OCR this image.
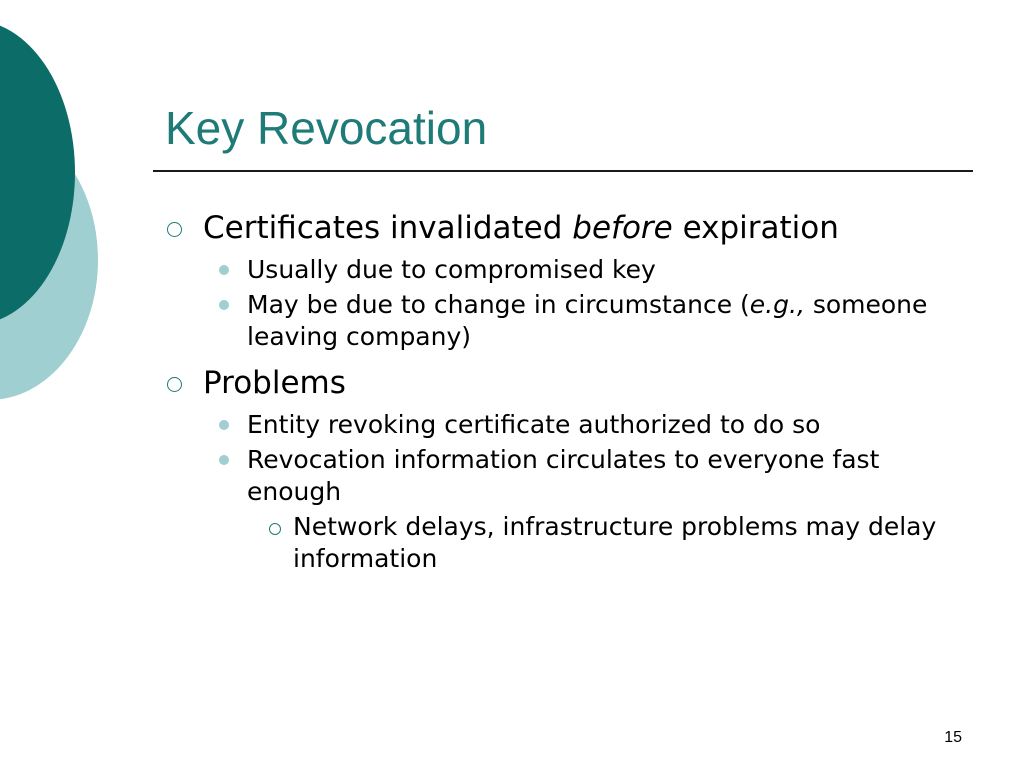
Key Revocation
Certificates invalidated before expiration
Usually due to compromised key
May be due to change in circumstance (e.g., someone leaving company)
Problems
Entity revoking certificate authorized to do so
Revocation information circulates to everyone fast enough
Network delays, infrastructure problems may delay information
15
